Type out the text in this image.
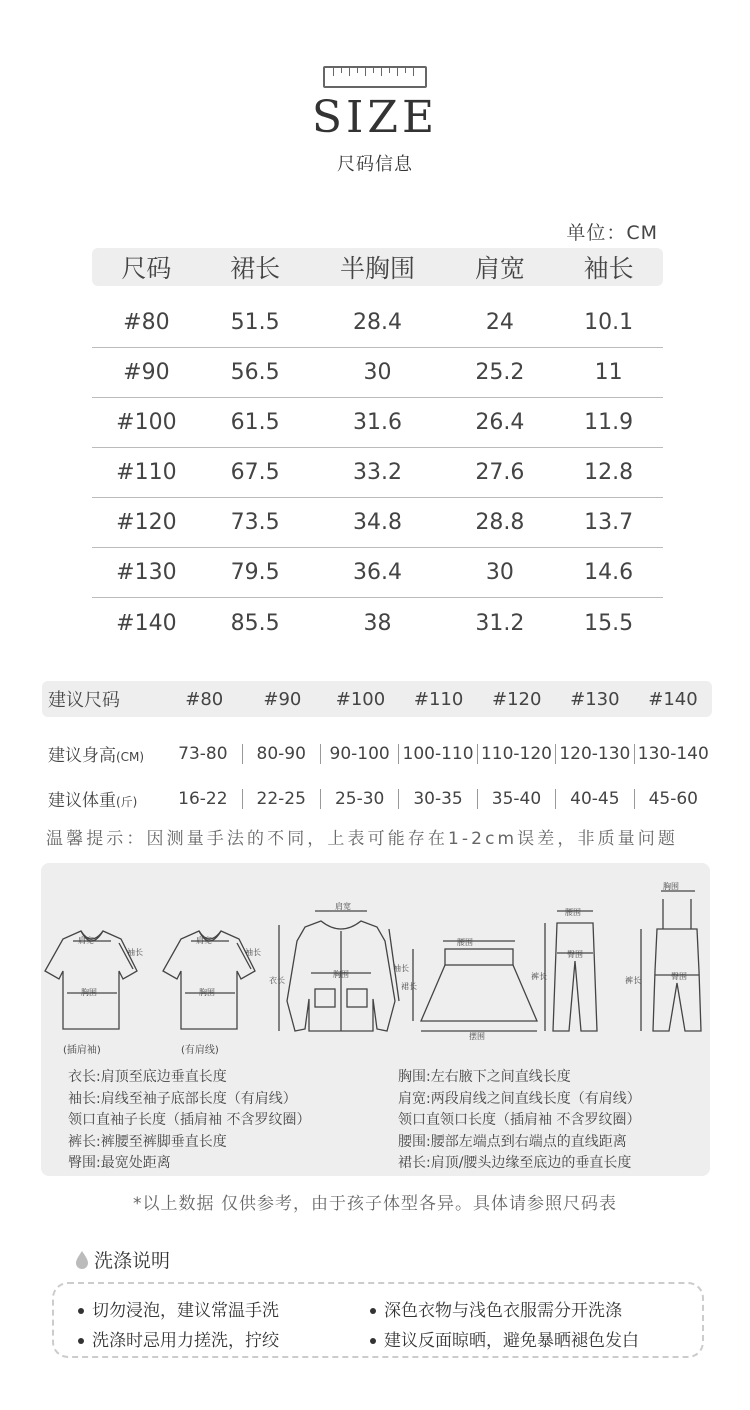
SIZE
尺码信息
单位：CM
尺码	裙长	半胸围	肩宽	袖长
#80	51.5	28.4	24	10.1
#90	56.5	30	25.2	11
#100	61.5	31.6	26.4	11.9
#110	67.5	33.2	27.6	12.8
#120	73.5	34.8	28.8	13.7
#130	79.5	36.4	30	14.6
#140	85.5	38	31.2	15.5
建议尺码	#80	#90	#100	#110	#120	#130	#140
建议身高(CM)	73-80	80-90	90-100 100-110 110-120 120-130 130-140
建议体重(斤)	16-22	22-25	25-30	30-35	35-40	40-45	45-60
温馨提示：因测量手法的不同，上表可能存在1-2cm误差，非质量问题
肩宽
胸围
袖长
(插肩袖)
肩宽
胸围
袖长
(有肩线)
肩宽
胸围
衣长
袖长
腰围
裙长
摆围
腰围
臀围
裤长
胸围
臀围
裤长
衣长:肩顶至底边垂直长度
袖长:肩线至袖子底部长度（有肩线）
领口直袖子长度（插肩袖 不含罗纹圈）
裤长:裤腰至裤脚垂直长度
臀围:最宽处距离
胸围:左右腋下之间直线长度
肩宽:两段肩线之间直线长度（有肩线）
领口直领口长度（插肩袖 不含罗纹圈）
腰围:腰部左端点到右端点的直线距离
裙长:肩顶/腰头边缘至底边的垂直长度
*以上数据 仅供参考，由于孩子体型各异。具体请参照尺码表
洗涤说明
切勿浸泡，建议常温手洗	深色衣物与浅色衣服需分开洗涤
洗涤时忌用力搓洗，拧绞	建议反面晾晒，避免暴晒褪色发白
